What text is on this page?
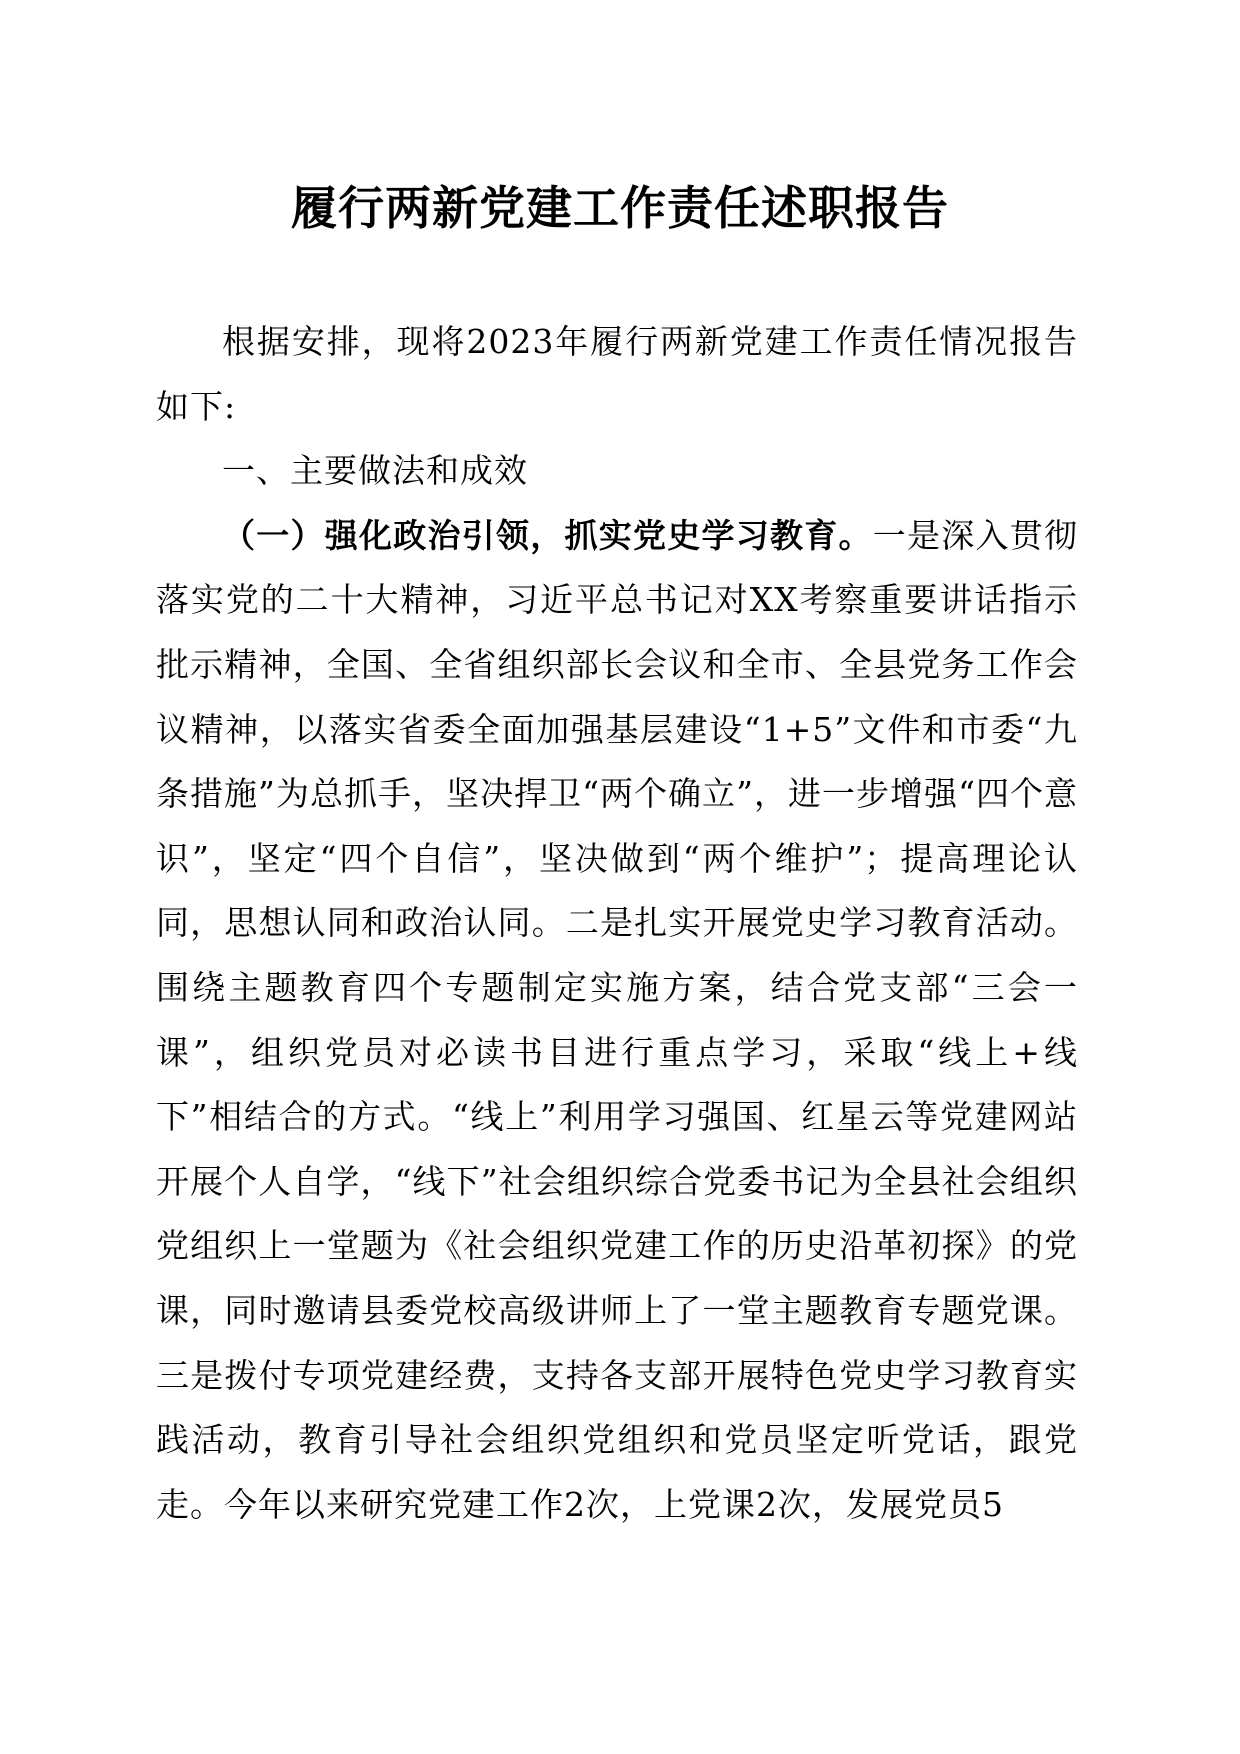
履行两新党建工作责任述职报告

根据安排，现将2023年履行两新党建工作责任情况报告如下:

一、主要做法和成效

（一）强化政治引领，抓实党史学习教育。一是深入贯彻落实党的二十大精神，习近平总书记对XX考察重要讲话指示批示精神，全国、全省组织部长会议和全市、全县党务工作会议精神，以落实省委全面加强基层建设“1+5”文件和市委“九条措施”为总抓手，坚决捍卫“两个确立”，进一步增强“四个意识”，坚定“四个自信”，坚决做到“两个维护”；提高理论认同，思想认同和政治认同。二是扎实开展党史学习教育活动。围绕主题教育四个专题制定实施方案，结合党支部“三会一课”，组织党员对必读书目进行重点学习，采取“线上+线下”相结合的方式。“线上”利用学习强国、红星云等党建网站开展个人自学，“线下”社会组织综合党委书记为全县社会组织党组织上一堂题为《社会组织党建工作的历史沿革初探》的党课，同时邀请县委党校高级讲师上了一堂主题教育专题党课。三是拨付专项党建经费，支持各支部开展特色党史学习教育实践活动，教育引导社会组织党组织和党员坚定听党话，跟党走。今年以来研究党建工作2次，上党课2次，发展党员5
